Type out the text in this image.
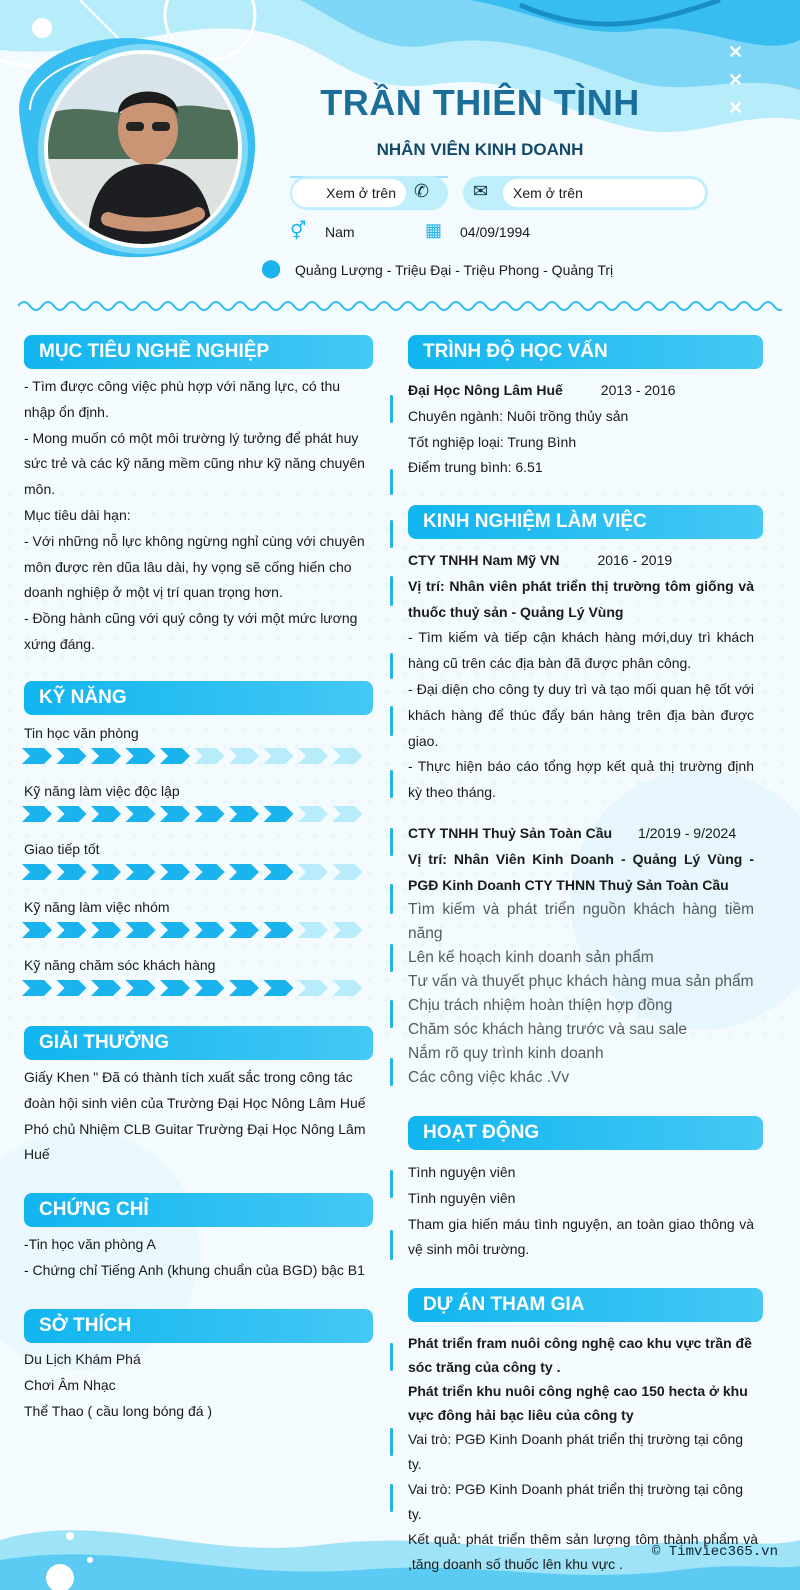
✕
✕
✕
TRẦN THIÊN TÌNH
NHÂN VIÊN KINH DOANH
Xem ở trên	✆	Xem ở trên
✉
⚥ Nam	▦ 04/09/1994
⬤ Quảng Lượng - Triệu Đại - Triệu Phong - Quảng Trị
MỤC TIÊU NGHỀ NGHIỆP

- Tìm được công việc phù hợp với năng lực, có thu nhập ổn định.

- Mong muốn có một môi trường lý tưởng để phát huy sức trẻ và các kỹ năng mềm cũng như kỹ năng chuyên môn.

Mục tiêu dài hạn:

- Với những nỗ lực không ngừng nghỉ cùng với chuyên môn được rèn dũa lâu dài, hy vọng sẽ cống hiến cho doanh nghiệp ở một vị trí quan trọng hơn.

- Đồng hành cũng với quý công ty với một mức lương xứng đáng.

KỸ NĂNG
Tin học văn phòng
Kỹ năng làm việc độc lập
Giao tiếp tốt
Kỹ năng làm việc nhóm
Kỹ năng chăm sóc khách hàng
GIẢI THƯỞNG

Giấy Khen " Đã có thành tích xuất sắc trong công tác đoàn hội sinh viên của Trường Đại Học Nông Lâm Huế

Phó chủ Nhiệm CLB Guitar Trường Đại Học Nông Lâm Huế

CHỨNG CHỈ

-Tin học văn phòng A

- Chứng chỉ Tiếng Anh (khung chuẩn của BGD) bậc B1

SỞ THÍCH

Du Lịch Khám Phá

Chơi Âm Nhạc

Thể Thao ( cầu long bóng đá )

TRÌNH ĐỘ HỌC VẤN

Đại Học Nông Lâm Huế	2013 - 2016

Chuyên ngành: Nuôi trồng thủy sản

Tốt nghiệp loại: Trung Bình

Điểm trung bình: 6.51

KINH NGHIỆM LÀM VIỆC

CTY TNHH Nam Mỹ VN	2016 - 2019

Vị trí: Nhân viên phát triển thị trường tôm giống và thuốc thuỷ sản - Quảng Lý Vùng

- Tìm kiếm và tiếp cận khách hàng mới,duy trì khách hàng cũ trên các địa bàn đã được phân công.

- Đại diện cho công ty duy trì và tạo mối quan hệ tốt với khách hàng để thúc đẩy bán hàng trên địa bàn được giao.

- Thực hiện báo cáo tổng hợp kết quả thị trường định kỳ theo tháng.

CTY TNHH Thuỷ Sản Toàn Cầu 1/2019 - 9/2024

Vị trí: Nhân Viên Kinh Doanh - Quảng Lý Vùng - PGĐ Kinh Doanh CTY THNN Thuỷ Sản Toàn Cầu

Tìm kiếm và phát triển nguồn khách hàng tiềm năng

Lên kế hoạch kinh doanh sản phẩm

Tư vấn và thuyết phục khách hàng mua sản phẩm

Chịu trách nhiệm hoàn thiện hợp đồng

Chăm sóc khách hàng trước và sau sale

Nắm rõ quy trình kinh doanh

Các công việc khác .Vv

HOẠT ĐỘNG

Tình nguyện viên

Tình nguyện viên

Tham gia hiến máu tình nguyện, an toàn giao thông và vệ sinh môi trường.

DỰ ÁN THAM GIA

Phát triển fram nuôi công nghệ cao khu vực trần đề sóc trăng của công ty .

Phát triển khu nuôi công nghệ cao 150 hecta ở khu vực đông hải bạc liêu của công ty

Vai trò: PGĐ Kinh Doanh phát triển thị trường tại công ty.

Vai trò: PGĐ Kinh Doanh phát triển thị trường tại công ty.

Kết quả: phát triển thêm sản lượng tôm thành phẩm và ,tăng doanh số thuốc lên khu vực .

© Timviec365.vn
